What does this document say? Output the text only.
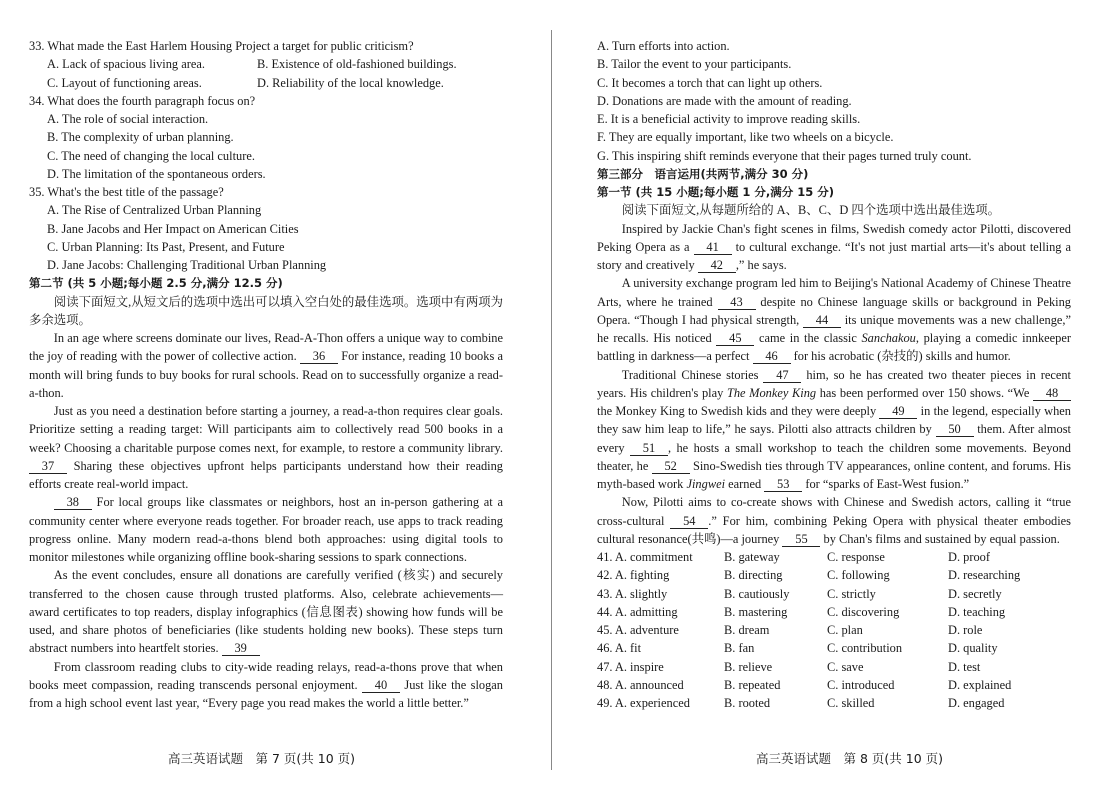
33. What made the East Harlem Housing Project a target for public criticism?
A. Lack of spacious living area.	B. Existence of old-fashioned buildings.
C. Layout of functioning areas.	D. Reliability of the local knowledge.
34. What does the fourth paragraph focus on?
A. The role of social interaction.
B. The complexity of urban planning.
C. The need of changing the local culture.
D. The limitation of the spontaneous orders.
35. What's the best title of the passage?
A. The Rise of Centralized Urban Planning
B. Jane Jacobs and Her Impact on American Cities
C. Urban Planning: Its Past, Present, and Future
D. Jane Jacobs: Challenging Traditional Urban Planning
第二节 (共 5 小题;每小题 2.5 分,满分 12.5 分)
阅读下面短文,从短文后的选项中选出可以填入空白处的最佳选项。选项中有两项为多余选项。
In an age where screens dominate our lives, Read-A-Thon offers a unique way to combine the joy of reading with the power of collective action. 36 For instance, reading 10 books a month will bring funds to buy books for rural schools. Read on to successfully organize a read-a-thon.
Just as you need a destination before starting a journey, a read-a-thon requires clear goals. Prioritize setting a reading target: Will participants aim to collectively read 500 books in a week? Choosing a charitable purpose comes next, for example, to restore a community library. 37 Sharing these objectives upfront helps participants understand how their reading efforts create real-world impact.
38 For local groups like classmates or neighbors, host an in-person gathering at a community center where everyone reads together. For broader reach, use apps to track reading progress online. Many modern read-a-thons blend both approaches: using digital tools to monitor milestones while organizing offline book-sharing sessions to spark connections.
As the event concludes, ensure all donations are carefully verified (核实) and securely transferred to the chosen cause through trusted platforms. Also, celebrate achievements—award certificates to top readers, display infographics (信息图表) showing how funds will be used, and share photos of beneficiaries (like students holding new books). These steps turn abstract numbers into heartfelt stories. 39
From classroom reading clubs to city-wide reading relays, read-a-thons prove that when books meet compassion, reading transcends personal enjoyment. 40 Just like the slogan from a high school event last year, “Every page you read makes the world a little better.”
A. Turn efforts into action.
B. Tailor the event to your participants.
C. It becomes a torch that can light up others.
D. Donations are made with the amount of reading.
E. It is a beneficial activity to improve reading skills.
F. They are equally important, like two wheels on a bicycle.
G. This inspiring shift reminds everyone that their pages turned truly count.
第三部分　语言运用(共两节,满分 30 分)
第一节 (共 15 小题;每小题 1 分,满分 15 分)
阅读下面短文,从每题所给的 A、B、C、D 四个选项中选出最佳选项。
Inspired by Jackie Chan's fight scenes in films, Swedish comedy actor Pilotti, discovered Peking Opera as a 41 to cultural exchange. “It's not just martial arts—it's about telling a story and creatively 42 ,” he says.
A university exchange program led him to Beijing's National Academy of Chinese Theatre Arts, where he trained 43 despite no Chinese language skills or background in Peking Opera. “Though I had physical strength, 44 its unique movements was a new challenge,” he recalls. His noticed 45 came in the classic Sanchakou, playing a comedic innkeeper battling in darkness—a perfect 46 for his acrobatic (杂技的) skills and humor.
Traditional Chinese stories 47 him, so he has created two theater pieces in recent years. His children's play The Monkey King has been performed over 150 shows. “We 48 the Monkey King to Swedish kids and they were deeply 49 in the legend, especially when they saw him leap to life,” he says. Pilotti also attracts children by 50 them. After almost every 51 , he hosts a small workshop to teach the children some movements. Beyond theater, he 52 Sino-Swedish ties through TV appearances, online content, and forums. His myth-based work Jingwei earned 53 for “sparks of East-West fusion.”
Now, Pilotti aims to co-create shows with Chinese and Swedish actors, calling it “true cross-cultural 54 .” For him, combining Peking Opera with physical theater embodies cultural resonance(共鸣)—a journey 55 by Chan's films and sustained by equal passion.
41. A. commitment	B. gateway	C. response	D. proof
42. A. fighting	B. directing	C. following	D. researching
43. A. slightly	B. cautiously	C. strictly	D. secretly
44. A. admitting	B. mastering	C. discovering	D. teaching
45. A. adventure	B. dream	C. plan	D. role
46. A. fit	B. fan	C. contribution	D. quality
47. A. inspire	B. relieve	C. save	D. test
48. A. announced	B. repeated	C. introduced	D. explained
49. A. experienced	B. rooted	C. skilled	D. engaged
高三英语试题　第 7 页(共 10 页)	高三英语试题　第 8 页(共 10 页)
